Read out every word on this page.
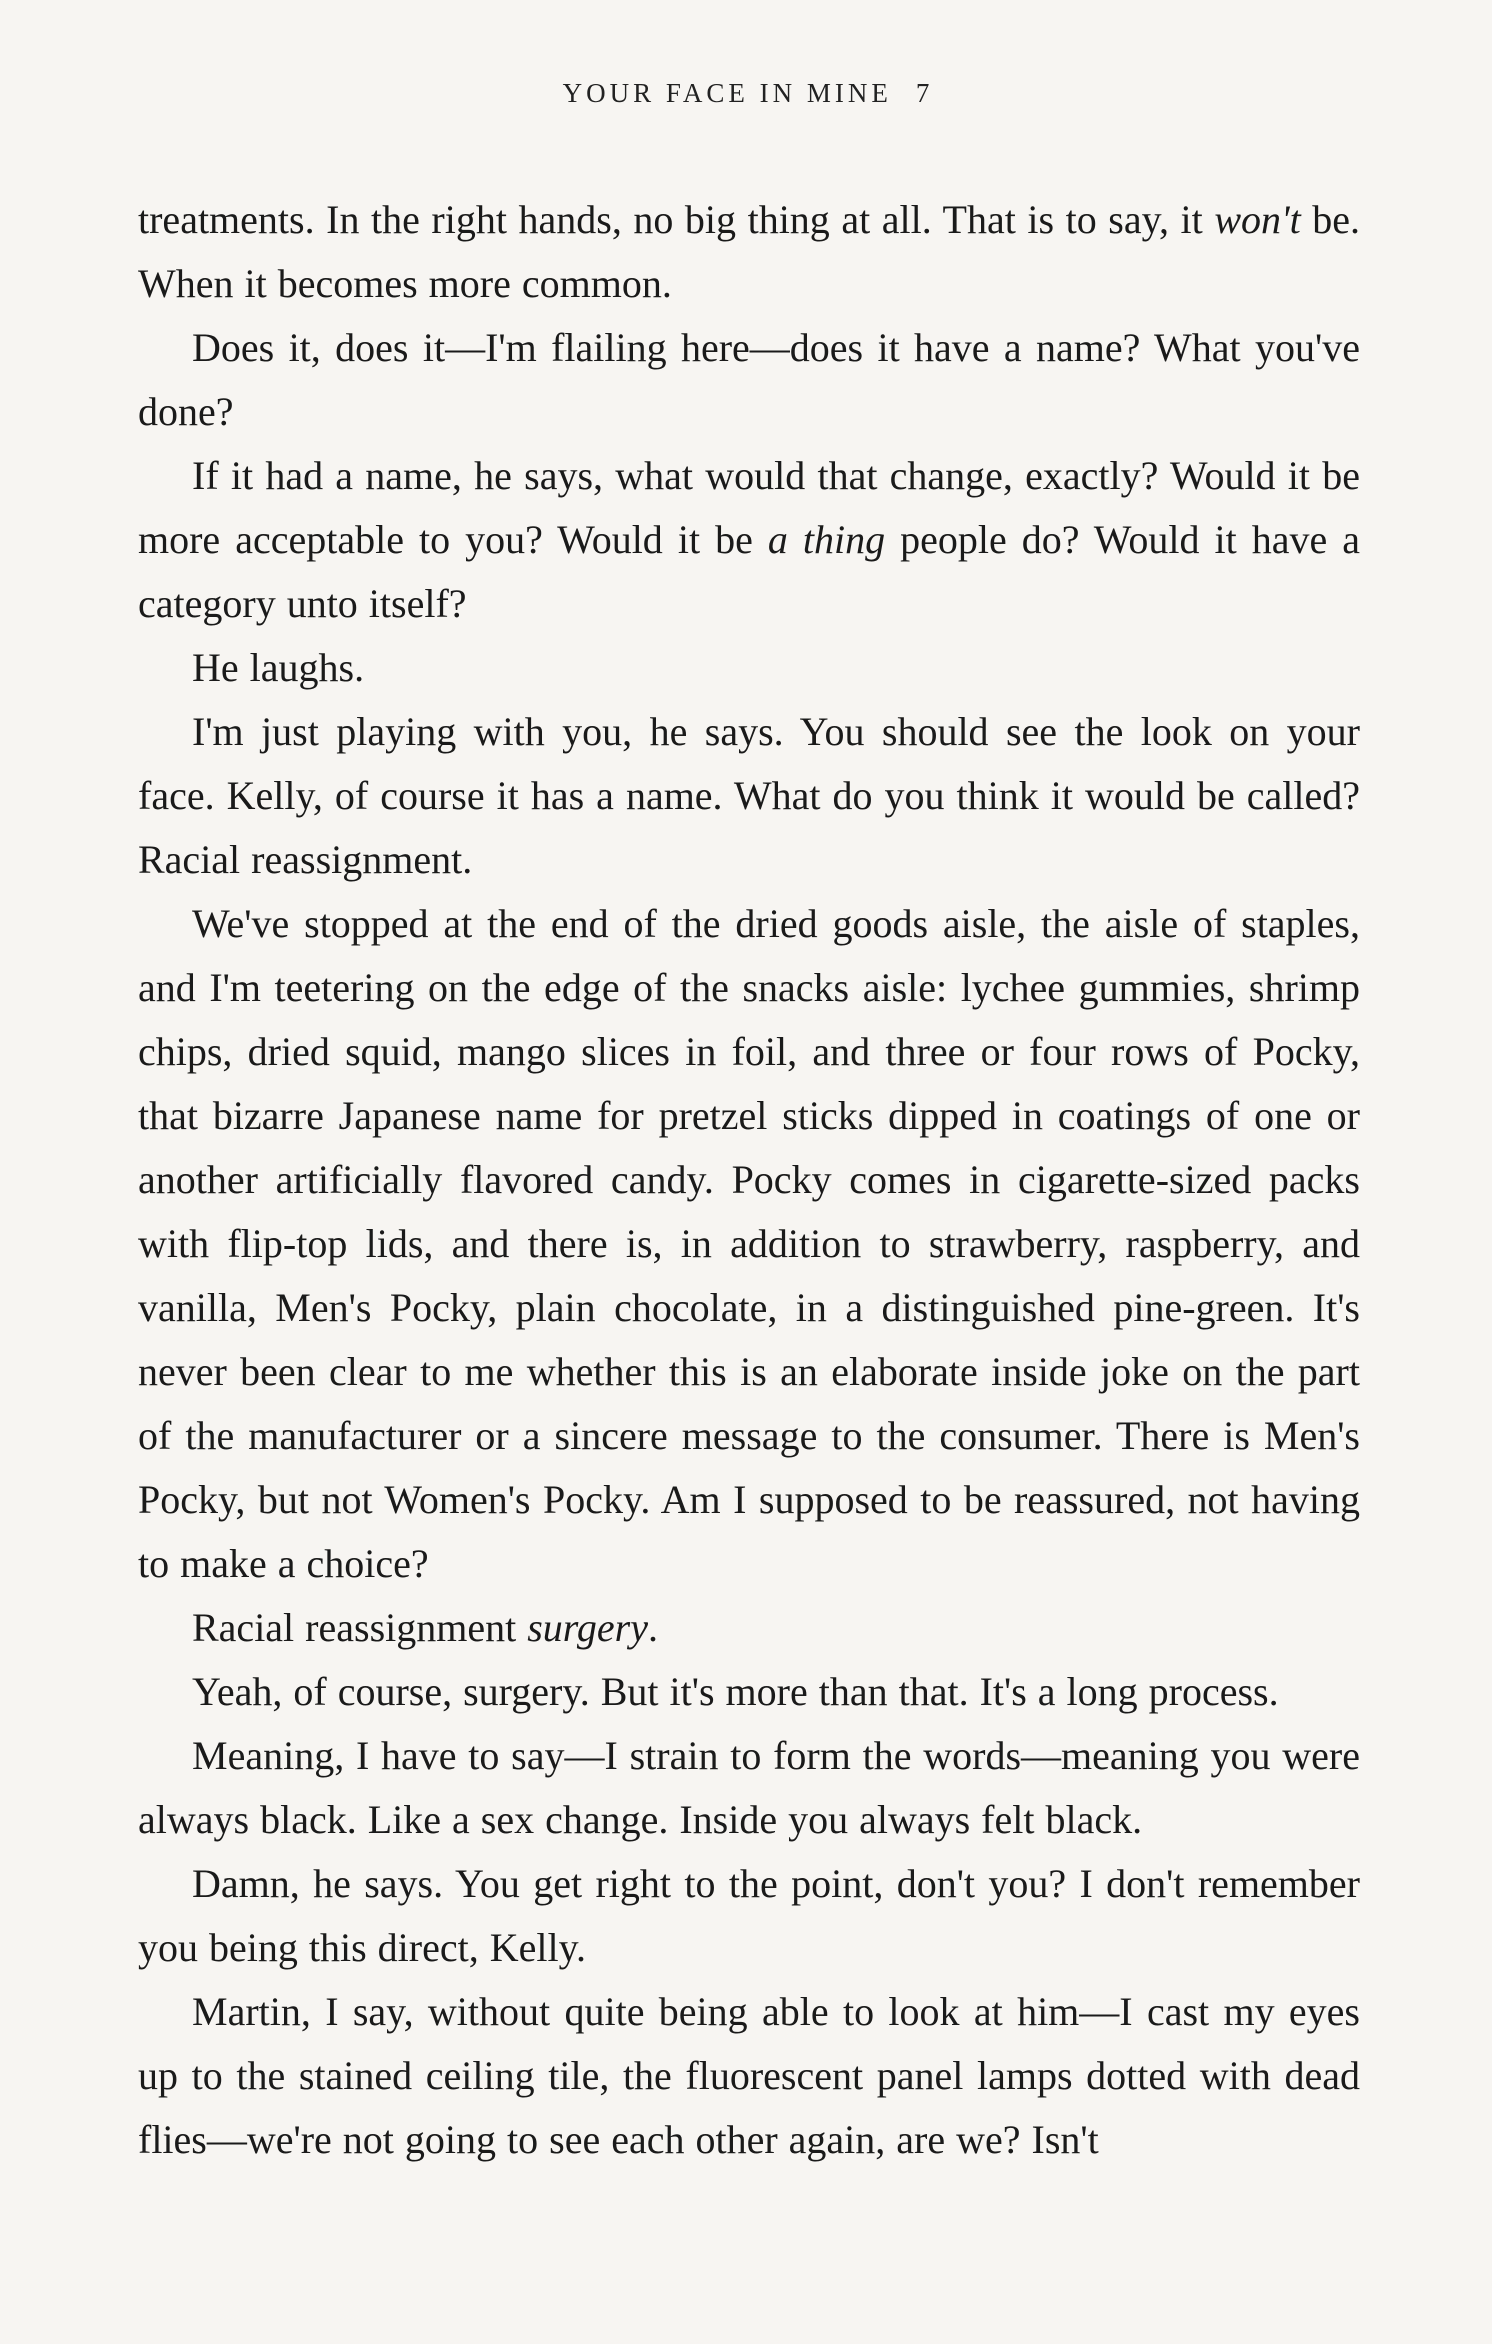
YOUR FACE IN MINE 7

treatments. In the right hands, no big thing at all. That is to say, it won't be. When it becomes more common.

Does it, does it—I'm flailing here—does it have a name? What you've done?

If it had a name, he says, what would that change, exactly? Would it be more acceptable to you? Would it be a thing people do? Would it have a category unto itself?

He laughs.

I'm just playing with you, he says. You should see the look on your face. Kelly, of course it has a name. What do you think it would be called? Racial reassignment.

We've stopped at the end of the dried goods aisle, the aisle of staples, and I'm teetering on the edge of the snacks aisle: lychee gummies, shrimp chips, dried squid, mango slices in foil, and three or four rows of Pocky, that bizarre Japanese name for pretzel sticks dipped in coatings of one or another artificially flavored candy. Pocky comes in cigarette-sized packs with flip-top lids, and there is, in addition to strawberry, raspberry, and vanilla, Men's Pocky, plain chocolate, in a distinguished pine-green. It's never been clear to me whether this is an elaborate inside joke on the part of the manufacturer or a sincere message to the consumer. There is Men's Pocky, but not Women's Pocky. Am I supposed to be reassured, not having to make a choice?

Racial reassignment surgery.

Yeah, of course, surgery. But it's more than that. It's a long process.

Meaning, I have to say—I strain to form the words—meaning you were always black. Like a sex change. Inside you always felt black.

Damn, he says. You get right to the point, don't you? I don't remember you being this direct, Kelly.

Martin, I say, without quite being able to look at him—I cast my eyes up to the stained ceiling tile, the fluorescent panel lamps dotted with dead flies—we're not going to see each other again, are we? Isn't
